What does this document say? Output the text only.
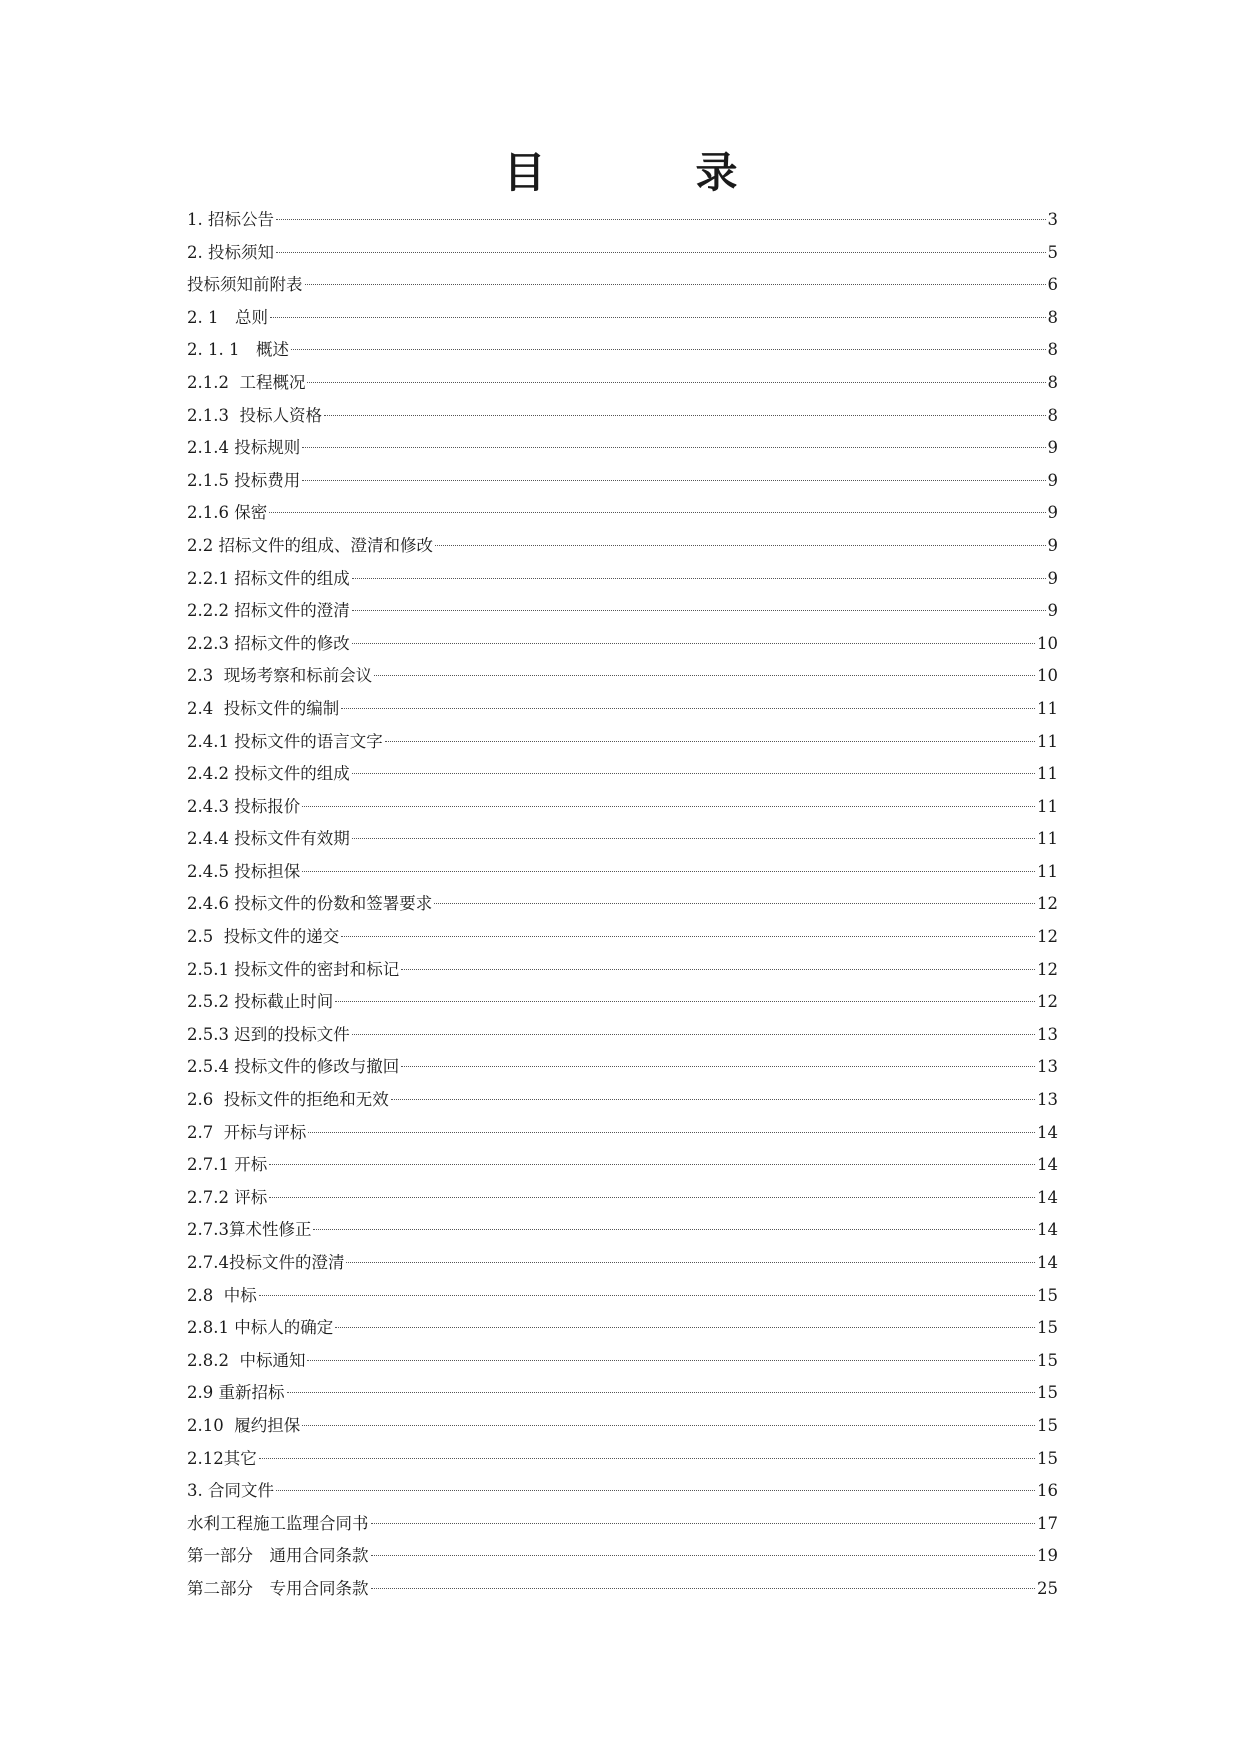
目　录
1. 招标公告	3
2. 投标须知	5
投标须知前附表	6
2. 1　总则	8
2. 1. 1　概述	8
2.1.2  工程概况	8
2.1.3  投标人资格	8
2.1.4 投标规则	9
2.1.5 投标费用	9
2.1.6 保密	9
2.2 招标文件的组成、澄清和修改	9
2.2.1 招标文件的组成	9
2.2.2 招标文件的澄清	9
2.2.3 招标文件的修改	10
2.3  现场考察和标前会议	10
2.4  投标文件的编制	11
2.4.1 投标文件的语言文字	11
2.4.2 投标文件的组成	11
2.4.3 投标报价	11
2.4.4 投标文件有效期	11
2.4.5 投标担保	11
2.4.6 投标文件的份数和签署要求	12
2.5  投标文件的递交	12
2.5.1 投标文件的密封和标记	12
2.5.2 投标截止时间	12
2.5.3 迟到的投标文件	13
2.5.4 投标文件的修改与撤回	13
2.6  投标文件的拒绝和无效	13
2.7  开标与评标	14
2.7.1 开标	14
2.7.2 评标	14
2.7.3算术性修正	14
2.7.4投标文件的澄清	14
2.8  中标	15
2.8.1 中标人的确定	15
2.8.2  中标通知	15
2.9 重新招标	15
2.10  履约担保	15
2.12其它	15
3. 合同文件	16
水利工程施工监理合同书	17
第一部分　通用合同条款	19
第二部分　专用合同条款	25
